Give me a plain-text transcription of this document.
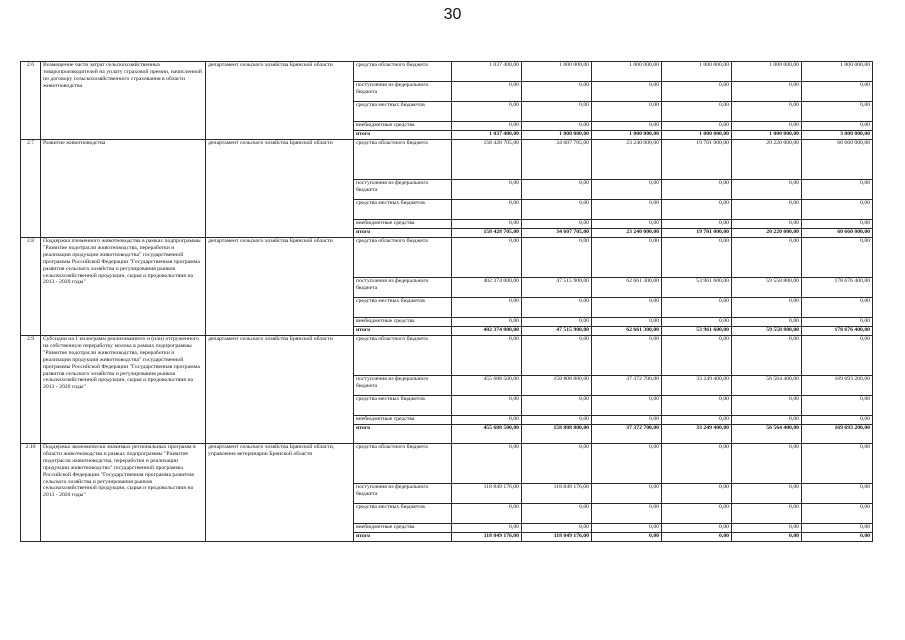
30
2.6	Возмещение части затрат сельскохозяйственных товаропроизводителей на уплату страховой премии, начисленной по договору сельскохозяйственного страхования в области животноводства	департамент сельского хозяйства Брянской области	средства областного бюджета	1 037 400,00	1 000 000,00	1 000 000,00	1 000 000,00	1 000 000,00	1 000 000,00
			поступления из федерального бюджета	0,00	0,00	0,00	0,00	0,00	0,00
			средства местных бюджетов	0,00	0,00	0,00	0,00	0,00	0,00
			внебюджетные средства	0,00	0,00	0,00	0,00	0,00	0,00
			итого	1 037 400,00	1 000 000,00	1 000 000,00	1 000 000,00	1 000 000,00	3 000 000,00
2.7	Развитие животноводства	департамент сельского хозяйства Брянской области	средства областного бюджета	158 428 705,00	34 607 705,00	23 240 000,00	19 701 000,00	20 220 000,00	60 660 000,00
			поступления из федерального бюджета	0,00	0,00	0,00	0,00	0,00	0,00
			средства местных бюджетов	0,00	0,00	0,00	0,00	0,00	0,00
			внебюджетные средства	0,00	0,00	0,00	0,00	0,00	0,00
			итого	158 428 705,00	34 607 705,00	23 240 000,00	19 701 000,00	20 220 000,00	60 660 000,00
2.8	Поддержка племенного животноводства в рамках подпрограммы "Развитие подотрасли животноводства, переработки и реализации продукции животноводства" государственной программы Российской Федерации "Государственная программа развития сельского хозяйства и регулирования рынков сельскохозяйственной продукции, сырья и продовольствия на 2013 - 2020 годы"	департамент сельского хозяйства Брянской области	средства областного бюджета	0,00	0,00	0,00	0,00	0,00	0,00
			поступления из федерального бюджета	402 374 000,00	47 515 900,00	62 661 300,00	53 961 600,00	59 558 800,00	178 676 400,00
			средства местных бюджетов	0,00	0,00	0,00	0,00	0,00	0,00
			внебюджетные средства	0,00	0,00	0,00	0,00	0,00	0,00
			итого	402 374 000,00	47 515 900,00	62 661 300,00	53 961 600,00	59 558 800,00	178 676 400,00
2.9	Субсидии на 1 килограмм реализованного и (или) отгруженного на собственную переработку молока в рамках подпрограммы "Развитие подотрасли животноводства, переработки и реализации продукции животноводства" государственной программы Российской Федерации "Государственная программа развития сельского хозяйства и регулирования рынков сельскохозяйственной продукции, сырья и продовольствия на 2013 - 2020 годы"	департамент сельского хозяйства Брянской области	средства областного бюджета	0,00	0,00	0,00	0,00	0,00	0,00
			поступления из федерального бюджета	455 688 500,00	158 808 800,00	37 372 700,00	33 249 400,00	56 564 400,00	169 693 200,00
			средства местных бюджетов	0,00	0,00	0,00	0,00	0,00	0,00
			внебюджетные средства	0,00	0,00	0,00	0,00	0,00	0,00
			итого	455 688 500,00	158 808 800,00	37 372 700,00	33 249 400,00	56 564 400,00	169 693 200,00
2.10	Поддержка экономически значимых региональных программ в области животноводства в рамках подпрограммы "Развитие подотрасли животноводства, переработки и реализации продукции животноводства" государственной программы Российской Федерации "Государственная программа развития сельского хозяйства и регулирования рынков сельскохозяйственной продукции, сырья и продовольствия на 2013 - 2020 годы"	департамент сельского хозяйства Брянской области, управление ветеринарии Брянской области	средства областного бюджета	0,00	0,00	0,00	0,00	0,00	0,00
			поступления из федерального бюджета	118 849 176,00	118 849 176,00	0,00	0,00	0,00	0,00
			средства местных бюджетов	0,00	0,00	0,00	0,00	0,00	0,00
			внебюджетные средства	0,00	0,00	0,00	0,00	0,00	0,00
			итого	118 849 176,00	118 849 176,00	0,00	0,00	0,00	0,00
